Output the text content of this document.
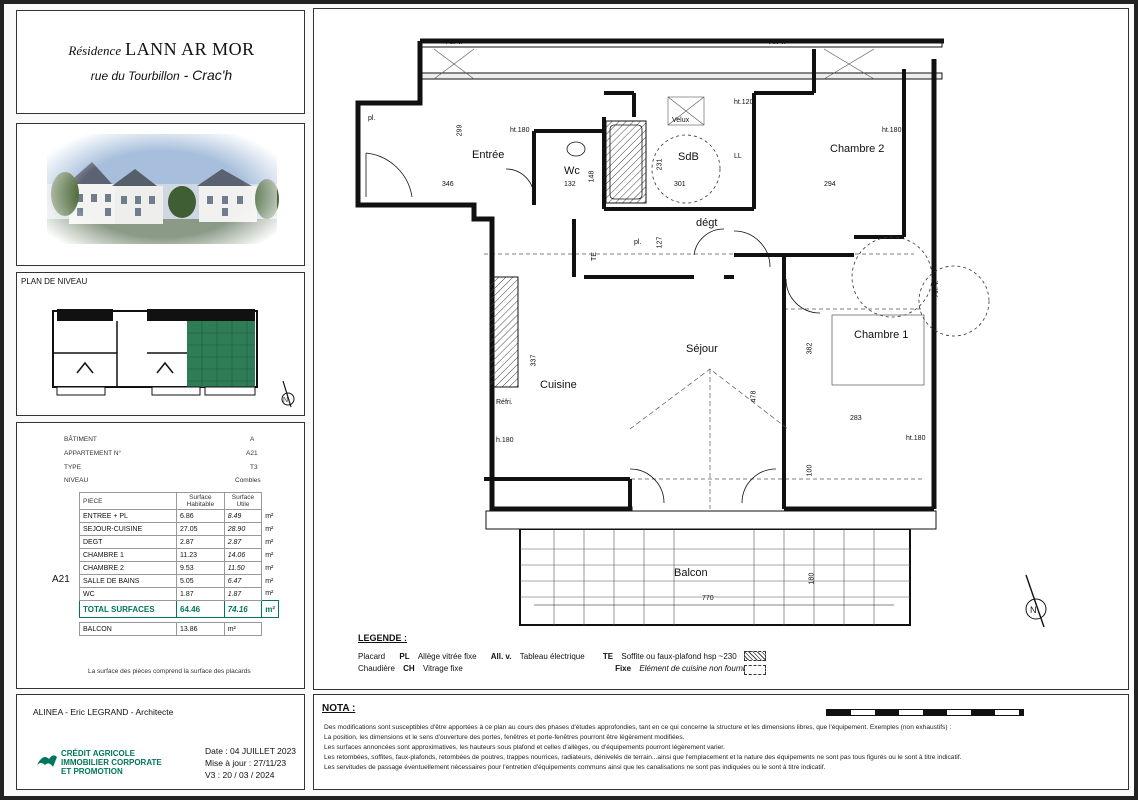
Résidence LANN AR MOR
rue du Tourbillon - Crac'h
PLAN DE NIVEAU
N
BÂTIMENT	A
APPARTEMENT N°	A21
TYPE	T3
NIVEAU	Combles
PIECE	Surface Habitable	Surface Utile	
ENTREE + PL	6.86	8.49	m²
SEJOUR-CUISINE	27.05	28.90	m²
DEGT	2.87	2.87	m²
CHAMBRE 1	11.23	14.06	m²
CHAMBRE 2	9.53	11.50	m²
SALLE DE BAINS	5.05	6.47	m²
WC	1.87	1.87	m²
TOTAL SURFACES	64.46	74.16	m²

BALCON	13.86	m²	
A21
La surface des pièces comprend la surface des placards
ALINEA - Eric LEGRAND - Architecte
CRÉDIT AGRICOLE
IMMOBILIER CORPORATE
ET PROMOTION
Date : 04 JUILLET 2023
Mise à jour : 27/11/23
V3 : 20 / 03 / 2024
N
Entrée
Wc
SdB
Chambre 2
dégt
Séjour
Chambre 1
Cuisine
Balcon
346	132	301	294
299
231
148
127
337
478
382
283
100
770
180
All. v.	All. v.
All. v.
pl.
pl.
TE
LL
Réfri.
Velux
ht.180
ht.120
ht.180
ht.180
h.180
LEGENDE :
Placard PL Allège vitrée fixe All. v. Tableau électrique TE Soffite ou faux-plafond hsp ~230
Chaudière CH Vitrage fixe	Fixe Elément de cuisine non fourni
NOTA :
Des modifications sont susceptibles d'être apportées à ce plan au cours des phases d'études approfondies, tant en ce qui concerne la structure et les dimensions libres, que l'équipement. Exemples (non exhaustifs) :
La position, les dimensions et le sens d'ouverture des portes, fenêtres et porte-fenêtres pourront être légèrement modifiées.
Les surfaces annoncées sont approximatives, les hauteurs sous plafond et celles d'allèges, ou d'équipements pourront légèrement varier.
Les retombées, soffites, faux-plafonds, retombées de poutres, trappes nourrices, radiateurs, dénivelés de terrain...ainsi que l'emplacement et la nature des équipements ne sont pas tous figurés ou le sont à titre indicatif.
Les servitudes de passage éventuellement nécessaires pour l'entretien d'équipements communs ainsi que les canalisations ne sont pas indiquées ou le sont à titre indicatif.
